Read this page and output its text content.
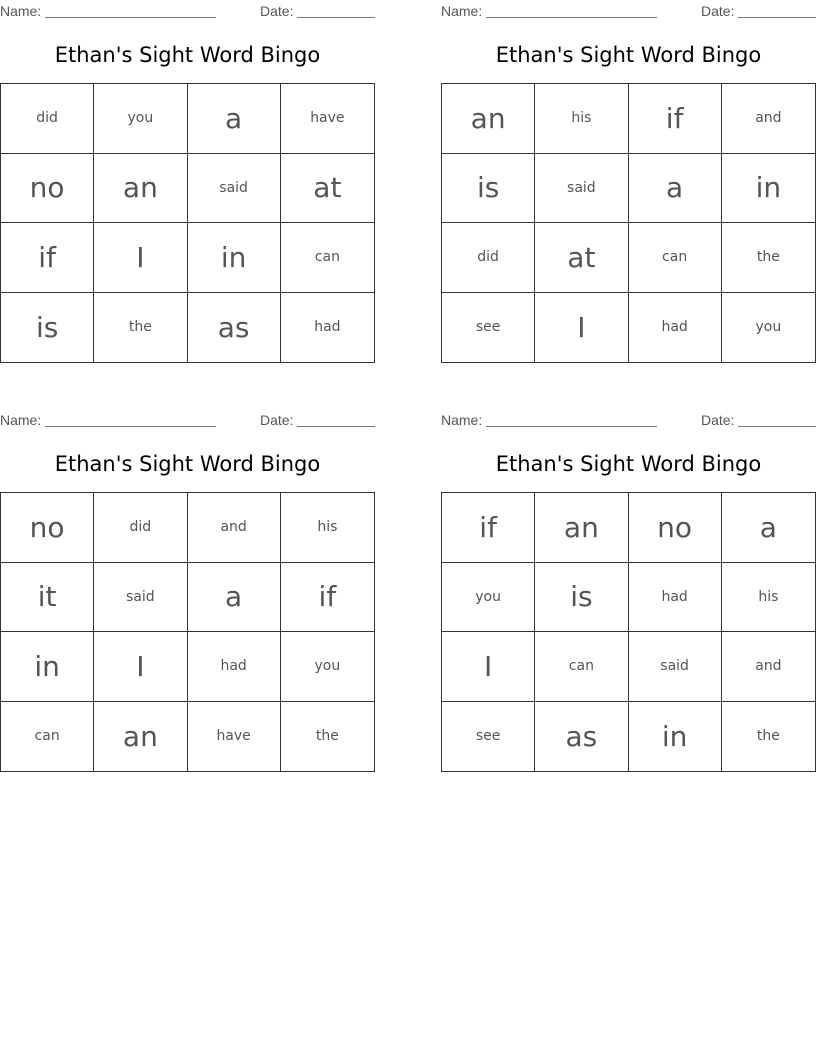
Name:	Date:
Ethan's Sight Word Bingo
did	you	a	have
no	an	said	at
if	I	in	can
is	the	as	had
Name:	Date:
Ethan's Sight Word Bingo
an	his	if	and
is	said	a	in
did	at	can	the
see	I	had	you
Name:	Date:
Ethan's Sight Word Bingo
no	did	and	his
it	said	a	if
in	I	had	you
can	an	have	the
Name:	Date:
Ethan's Sight Word Bingo
if	an	no	a
you	is	had	his
I	can	said	and
see	as	in	the
